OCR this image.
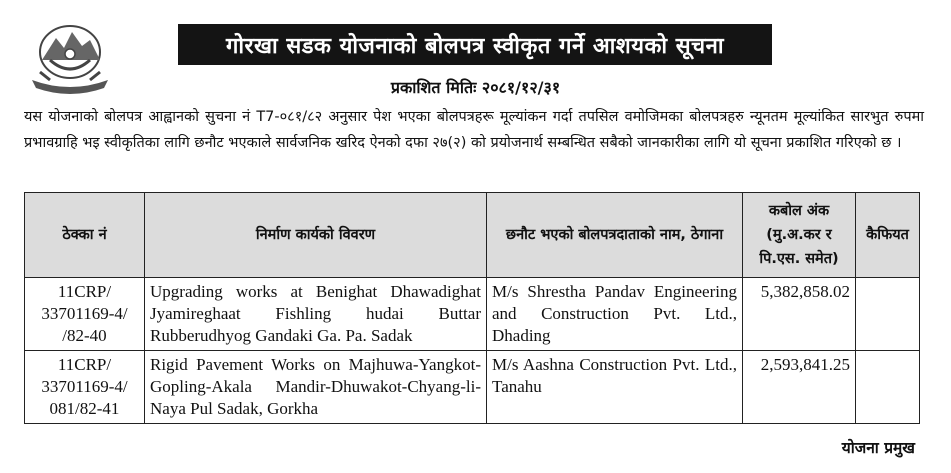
गोरखा सडक योजनाको बोलपत्र स्वीकृत गर्ने आशयको सूचना
प्रकाशित मितिः २०८१/१२/३१
यस योजनाको बोलपत्र आह्वानको सुचना नं T7-०८१/८२ अनुसार पेश भएका बोलपत्रहरू मूल्यांकन गर्दा तपसिल वमोजिमका बोलपत्रहरु न्यूनतम मूल्यांकित सारभुत रुपमा प्रभावग्राहि भइ स्वीकृतिका लागि छनौट भएकाले सार्वजनिक खरिद ऐनको दफा २७(२) को प्रयोजनार्थ सम्बन्धित सबैको जानकारीका लागि यो सूचना प्रकाशित गरिएको छ ।
ठेक्का नं	निर्माण कार्यको विवरण	छनौट भएको बोलपत्रदाताको नाम, ठेगाना	कबोल अंक (मु.अ.कर र पि.एस. समेत)	कैफियत
11CRP/ 33701169-4/ /82-40	Upgrading works at Benighat Dhawadighat Jyamireghaat Fishling hudai Buttar Rubberudhyog Gandaki Ga. Pa. Sadak	M/s Shrestha Pandav Engineering and Construction Pvt. Ltd., Dhading	5,382,858.02	
11CRP/ 33701169-4/ 081/82-41	Rigid Pavement Works on Majhuwa-Yangkot-Gopling-Akala Mandir-Dhuwakot-Chyang-li- Naya Pul Sadak, Gorkha	M/s Aashna Construction Pvt. Ltd., Tanahu	2,593,841.25	
योजना प्रमुख
